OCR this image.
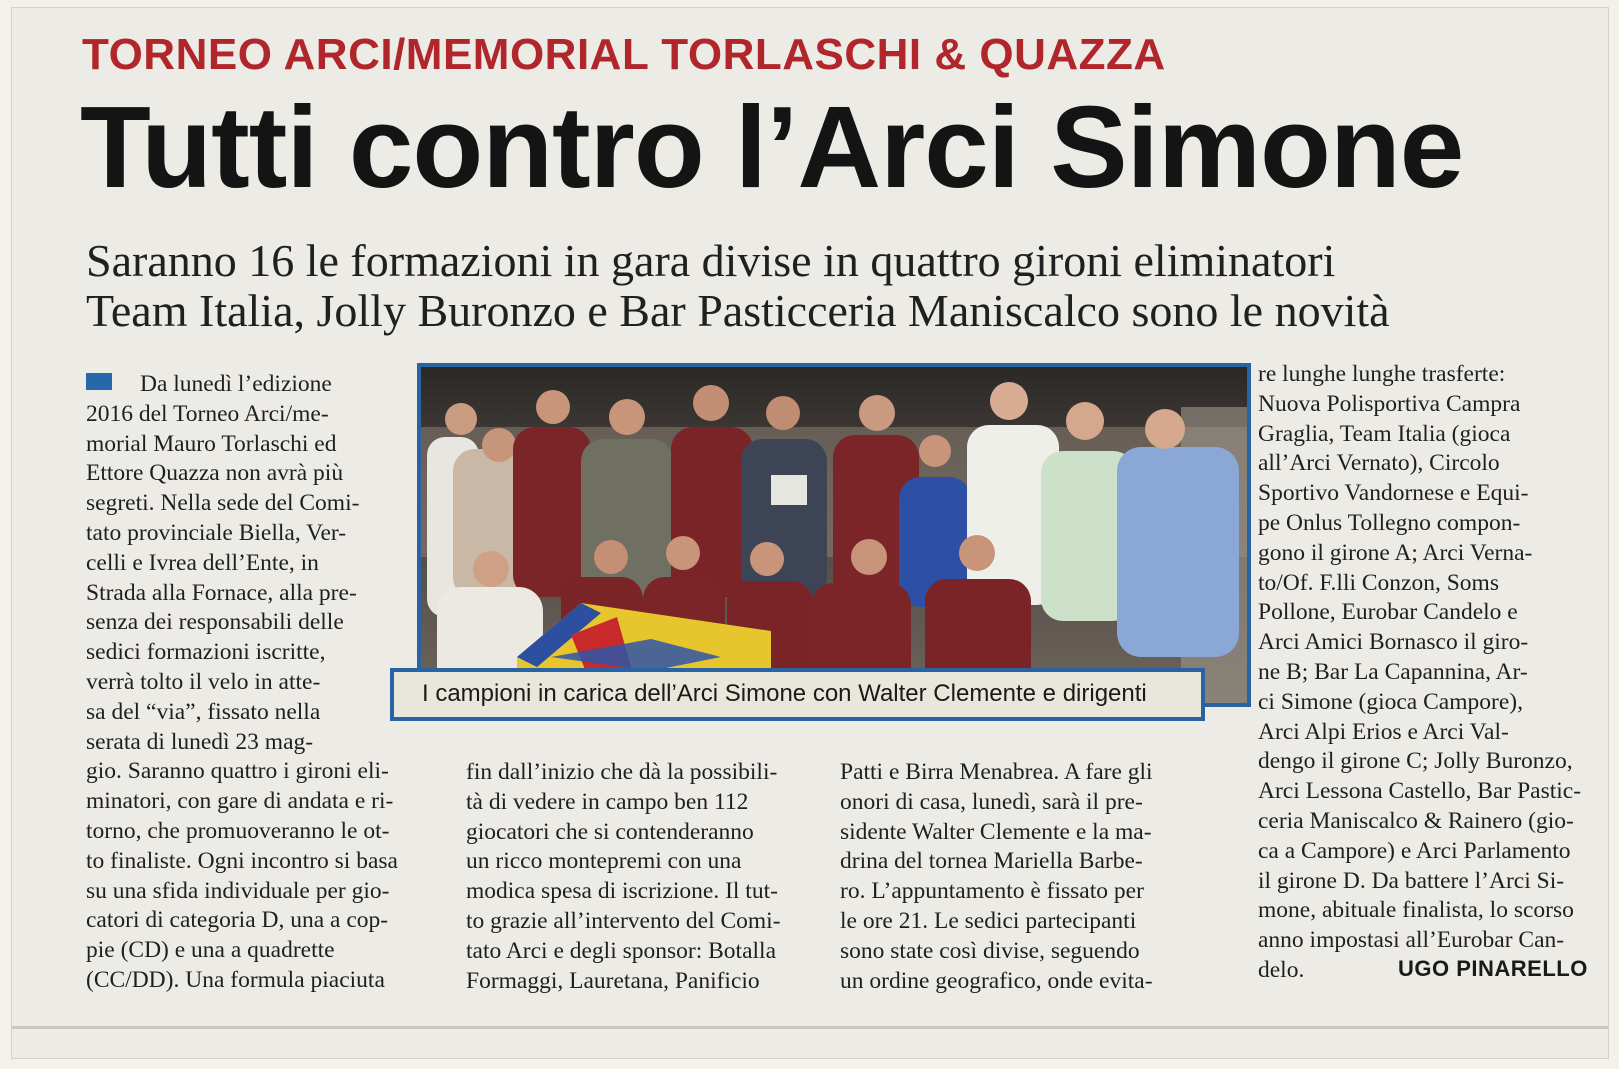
TORNEO ARCI/MEMORIAL TORLASCHI & QUAZZA
Tutti contro l’Arci Simone
Saranno 16 le formazioni in gara divise in quattro gironi eliminatori
Team Italia, Jolly Buronzo e Bar Pasticceria Maniscalco sono le novità
Da lunedì l’edizione
2016 del Torneo Arci/me-
morial Mauro Torlaschi ed
Ettore Quazza non avrà più
segreti. Nella sede del Comi-
tato provinciale Biella, Ver-
celli e Ivrea dell’Ente, in
Strada alla Fornace, alla pre-
senza dei responsabili delle
sedici formazioni iscritte,
verrà tolto il velo in atte-
sa del “via”, fissato nella
serata di lunedì 23 mag-
gio. Saranno quattro i gironi eli-
minatori, con gare di andata e ri-
torno, che promuoveranno le ot-
to finaliste. Ogni incontro si basa
su una sfida individuale per gio-
catori di categoria D, una a cop-
pie (CD) e una a quadrette
(CC/DD). Una formula piaciuta
fin dall’inizio che dà la possibili-
tà di vedere in campo ben 112
giocatori che si contenderanno
un ricco montepremi con una
modica spesa di iscrizione. Il tut-
to grazie all’intervento del Comi-
tato Arci e degli sponsor: Botalla
Formaggi, Lauretana, Panificio
Patti e Birra Menabrea. A fare gli
onori di casa, lunedì, sarà il pre-
sidente Walter Clemente e la ma-
drina del tornea Mariella Barbe-
ro. L’appuntamento è fissato per
le ore 21. Le sedici partecipanti
sono state così divise, seguendo
un ordine geografico, onde evita-
re lunghe lunghe trasferte:
Nuova Polisportiva Campra
Graglia, Team Italia (gioca
all’Arci Vernato), Circolo
Sportivo Vandornese e Equi-
pe Onlus Tollegno compon-
gono il girone A; Arci Verna-
to/Of. F.lli Conzon, Soms
Pollone, Eurobar Candelo e
Arci Amici Bornasco il giro-
ne B; Bar La Capannina, Ar-
ci Simone (gioca Campore),
Arci Alpi Erios e Arci Val-
dengo il girone C; Jolly Buronzo,
Arci Lessona Castello, Bar Pastic-
ceria Maniscalco & Rainero (gio-
ca a Campore) e Arci Parlamento
il girone D. Da battere l’Arci Si-
mone, abituale finalista, lo scorso
anno impostasi all’Eurobar Can-
delo.
I campioni in carica dell’Arci Simone con Walter Clemente e dirigenti
UGO PINARELLO
